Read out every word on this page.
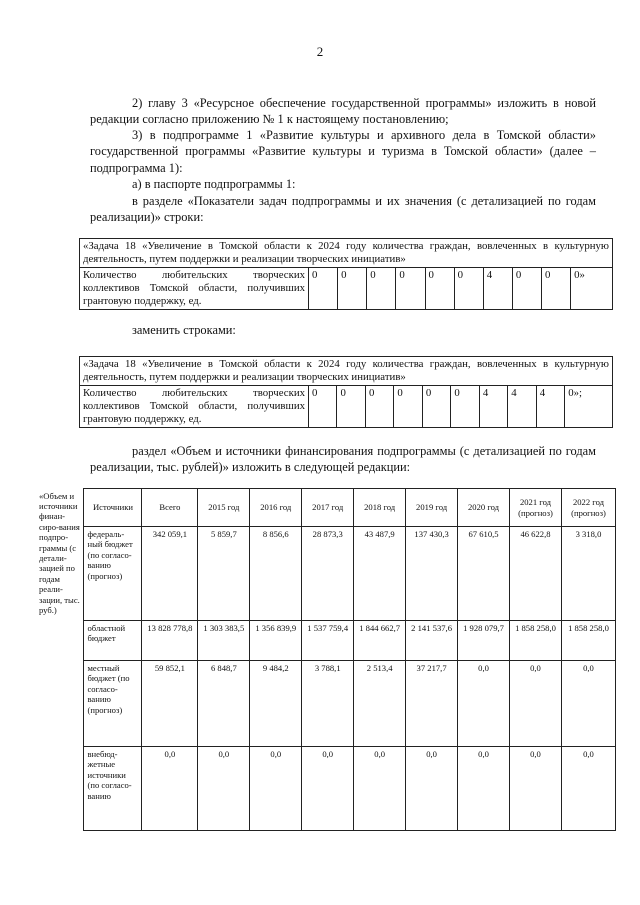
2
2) главу 3 «Ресурсное обеспечение государственной программы» изложить в новой редакции согласно приложению № 1 к настоящему постановлению;
3) в подпрограмме 1 «Развитие культуры и архивного дела в Томской области» государственной программы «Развитие культуры и туризма в Томской области» (далее – подпрограмма 1):
а) в паспорте подпрограммы 1:
в разделе «Показатели задач подпрограммы и их значения (с детализацией по годам реализации)» строки:
«Задача 18 «Увеличение в Томской области к 2024 году количества граждан, вовлеченных в культурную деятельность, путем поддержки и реализации творческих инициатив»
Количество любительских творческих коллективов Томской области, получивших грантовую поддержку, ед.	0	0	0	0	0	0	4	0	0	0»
заменить строками:
«Задача 18 «Увеличение в Томской области к 2024 году количества граждан, вовлеченных в культурную деятельность, путем поддержки и реализации творческих инициатив»
Количество любительских творческих коллективов Томской области, получивших грантовую поддержку, ед.	0	0	0	0	0	0	4	4	4	0»;
раздел «Объем и источники финансирования подпрограммы (с детализацией по годам реализации, тыс. рублей)» изложить в следующей редакции:
«Объем и источники финан-сиро-вания подпро-граммы (с детали-зацией по годам реали-зации, тыс. руб.)	Источники	Всего	2015 год	2016 год	2017 год	2018 год	2019 год	2020 год	2021 год (прогноз)	2022 год (прогноз)
	федераль-ный бюджет (по согласо-ванию (прогноз)	342 059,1	5 859,7	8 856,6	28 873,3	43 487,9	137 430,3	67 610,5	46 622,8	3 318,0
	областной бюджет	13 828 778,8	1 303 383,5	1 356 839,9	1 537 759,4	1 844 662,7	2 141 537,6	1 928 079,7	1 858 258,0	1 858 258,0
	местный бюджет (по согласо-ванию (прогноз)	59 852,1	6 848,7	9 484,2	3 788,1	2 513,4	37 217,7	0,0	0,0	0,0
	внебюд-жетные источники (по согласо-ванию	0,0	0,0	0,0	0,0	0,0	0,0	0,0	0,0	0,0
